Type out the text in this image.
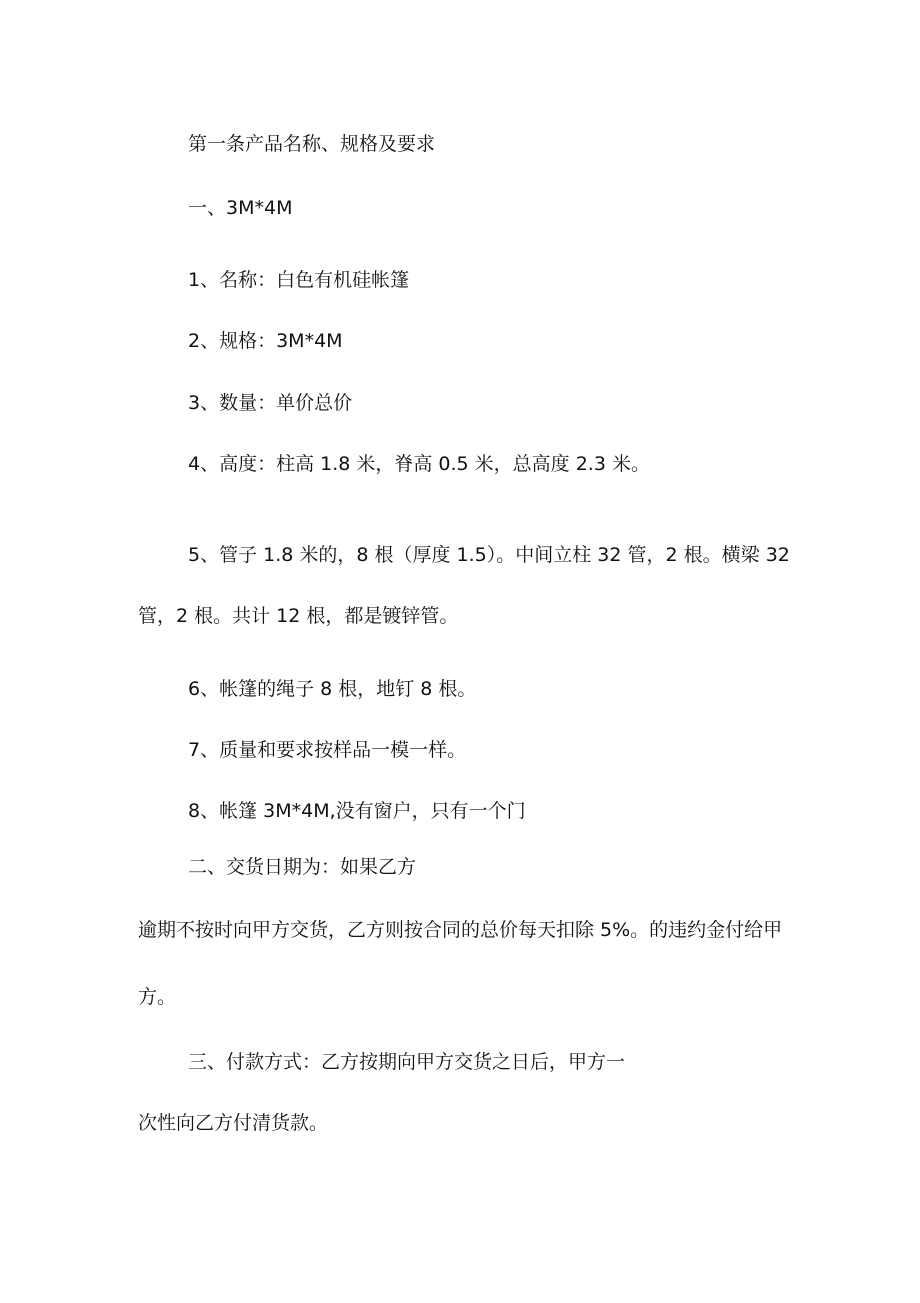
第一条产品名称、规格及要求

一、3M*4M

1、名称：白色有机硅帐篷

2、规格：3M*4M

3、数量：单价总价

4、高度：柱高 1.8 米，脊高 0.5 米，总高度 2.3 米。

5、管子 1.8 米的，8 根（厚度 1.5）。中间立柱 32 管，2 根。横梁 32

管，2 根。共计 12 根，都是镀锌管。

6、帐篷的绳子 8 根，地钉 8 根。

7、质量和要求按样品一模一样。

8、帐篷 3M*4M,没有窗户，只有一个门

二、交货日期为：如果乙方

逾期不按时向甲方交货，乙方则按合同的总价每天扣除 5%。的违约金付给甲

方。

三、付款方式：乙方按期向甲方交货之日后，甲方一

次性向乙方付清货款。
